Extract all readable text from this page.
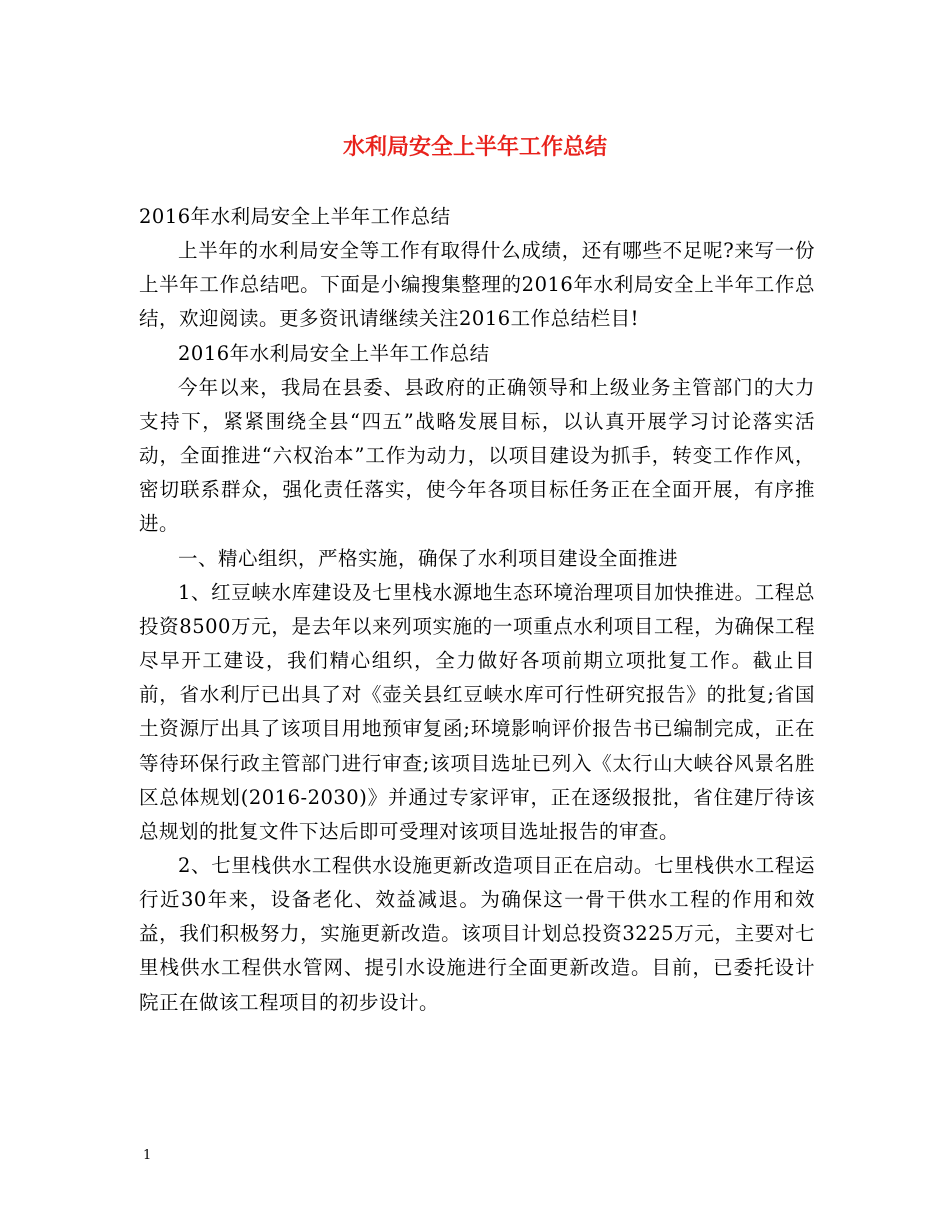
水利局安全上半年工作总结

2016年水利局安全上半年工作总结

上半年的水利局安全等工作有取得什么成绩，还有哪些不足呢?来写一份上半年工作总结吧。下面是小编搜集整理的2016年水利局安全上半年工作总结，欢迎阅读。更多资讯请继续关注2016工作总结栏目!

2016年水利局安全上半年工作总结

今年以来，我局在县委、县政府的正确领导和上级业务主管部门的大力支持下，紧紧围绕全县“四五”战略发展目标，以认真开展学习讨论落实活动，全面推进“六权治本”工作为动力，以项目建设为抓手，转变工作作风，密切联系群众，强化责任落实，使今年各项目标任务正在全面开展，有序推进。

一、精心组织，严格实施，确保了水利项目建设全面推进

1、红豆峡水库建设及七里栈水源地生态环境治理项目加快推进。工程总投资8500万元，是去年以来列项实施的一项重点水利项目工程，为确保工程尽早开工建设，我们精心组织，全力做好各项前期立项批复工作。截止目前，省水利厅已出具了对《壶关县红豆峡水库可行性研究报告》的批复;省国土资源厅出具了该项目用地预审复函;环境影响评价报告书已编制完成，正在等待环保行政主管部门进行审查;该项目选址已列入《太行山大峡谷风景名胜区总体规划(2016-2030)》并通过专家评审，正在逐级报批，省住建厅待该总规划的批复文件下达后即可受理对该项目选址报告的审查。

2、七里栈供水工程供水设施更新改造项目正在启动。七里栈供水工程运行近30年来，设备老化、效益减退。为确保这一骨干供水工程的作用和效益，我们积极努力，实施更新改造。该项目计划总投资3225万元，主要对七里栈供水工程供水管网、提引水设施进行全面更新改造。目前，已委托设计院正在做该工程项目的初步设计。

1
